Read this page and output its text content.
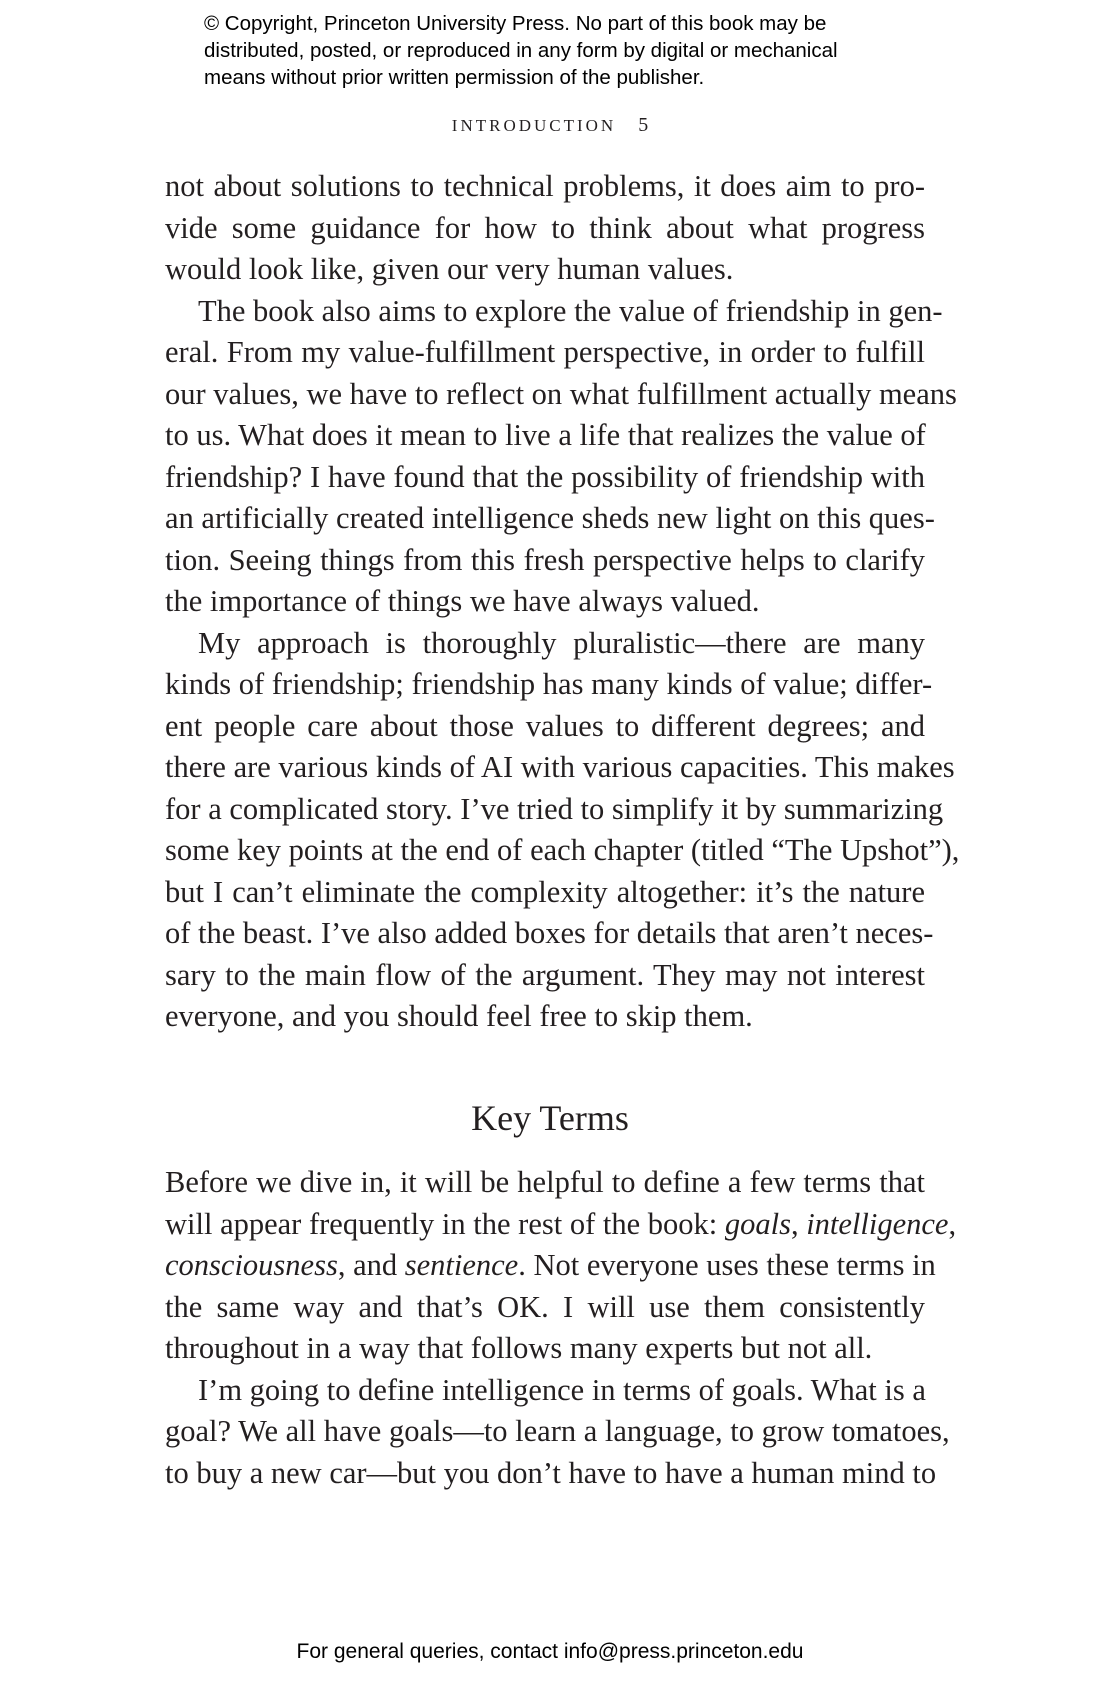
© Copyright, Princeton University Press. No part of this book may be
distributed, posted, or reproduced in any form by digital or mechanical
means without prior written permission of the publisher.
INTRODUCTION 5
not about solutions to technical problems, it does aim to pro-
vide some guidance for how to think about what progress
would look like, given our very human values.
The book also aims to explore the value of friendship in gen-
eral. From my value-fulfillment perspective, in order to fulfill
our values, we have to reflect on what fulfillment actually means
to us. What does it mean to live a life that realizes the value of
friendship? I have found that the possibility of friendship with
an artificially created intelligence sheds new light on this ques-
tion. Seeing things from this fresh perspective helps to clarify
the importance of things we have always valued.
My approach is thoroughly pluralistic—there are many
kinds of friendship; friendship has many kinds of value; differ-
ent people care about those values to different degrees; and
there are various kinds of AI with various capacities. This makes
for a complicated story. I’ve tried to simplify it by summarizing
some key points at the end of each chapter (titled “The Upshot”),
but I can’t eliminate the complexity altogether: it’s the nature
of the beast. I’ve also added boxes for details that aren’t neces-
sary to the main flow of the argument. They may not interest
everyone, and you should feel free to skip them.
Key Terms
Before we dive in, it will be helpful to define a few terms that
will appear frequently in the rest of the book: goals, intelligence,
consciousness, and sentience. Not everyone uses these terms in
the same way and that’s OK. I will use them consistently
throughout in a way that follows many experts but not all.
I’m going to define intelligence in terms of goals. What is a
goal? We all have goals—to learn a language, to grow tomatoes,
to buy a new car—but you don’t have to have a human mind to
For general queries, contact info@press.princeton.edu
